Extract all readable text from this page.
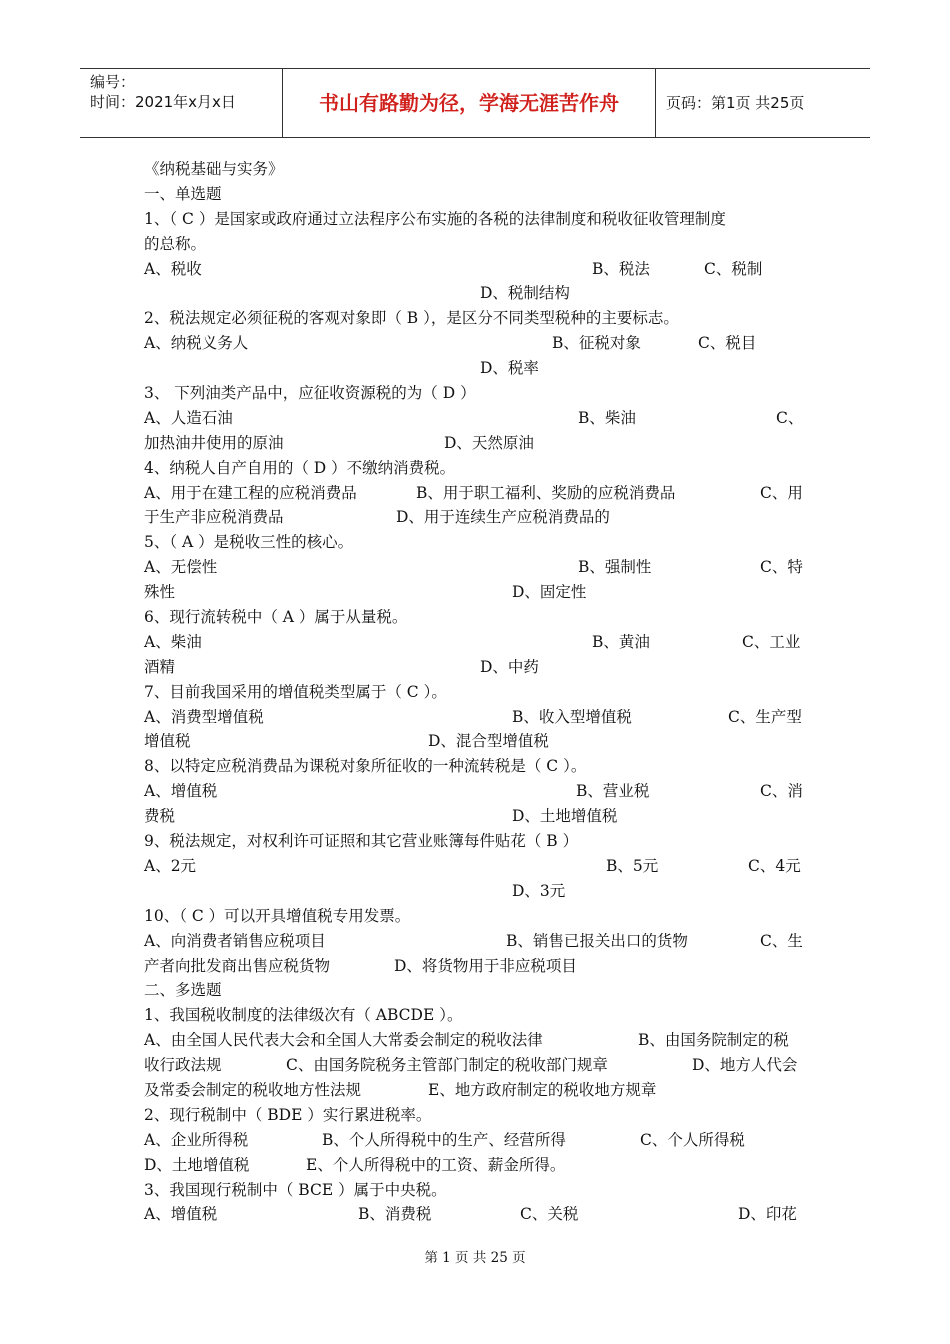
编号：
时间：2021年x月x日	书山有路勤为径，学海无涯苦作舟	页码：第1页 共25页
《纳税基础与实务》
一、单选题
1、（ C ）是国家或政府通过立法程序公布实施的各税的法律制度和税收征收管理制度
的总称。
A、税收	B、税法	C、税制
D、税制结构
2、税法规定必须征税的客观对象即（ B ），是区分不同类型税种的主要标志。
A、纳税义务人	B、征税对象	C、税目
D、税率
3、 下列油类产品中，应征收资源税的为（ D ）
A、人造石油	B、柴油	C、
加热油井使用的原油	D、天然原油
4、纳税人自产自用的（ D ）不缴纳消费税。
A、用于在建工程的应税消费品	B、用于职工福利、奖励的应税消费品	C、用
于生产非应税消费品	D、用于连续生产应税消费品的
5、（ A ）是税收三性的核心。
A、无偿性	B、强制性	C、特
殊性	D、固定性
6、现行流转税中（ A ）属于从量税。
A、柴油	B、黄油	C、工业
酒精	D、中药
7、目前我国采用的增值税类型属于（ C ）。
A、消费型增值税	B、收入型增值税	C、生产型
增值税	D、混合型增值税
8、以特定应税消费品为课税对象所征收的一种流转税是（ C ）。
A、增值税	B、营业税	C、消
费税	D、土地增值税
9、税法规定，对权利许可证照和其它营业账簿每件贴花（ B ）
A、2元	B、5元	C、4元
D、3元
10、（ C ）可以开具增值税专用发票。
A、向消费者销售应税项目	B、销售已报关出口的货物	C、生
产者向批发商出售应税货物	D、将货物用于非应税项目
二、多选题
1、我国税收制度的法律级次有（ ABCDE ）。
A、由全国人民代表大会和全国人大常委会制定的税收法律	B、由国务院制定的税
收行政法规	C、由国务院税务主管部门制定的税收部门规章	D、地方人代会
及常委会制定的税收地方性法规	E、地方政府制定的税收地方规章
2、现行税制中（ BDE ）实行累进税率。
A、企业所得税	B、个人所得税中的生产、经营所得	C、个人所得税
D、土地增值税	E、个人所得税中的工资、薪金所得。
3、我国现行税制中（ BCE ）属于中央税。
A、增值税	B、消费税	C、关税	D、印花
第 1 页 共 25 页
